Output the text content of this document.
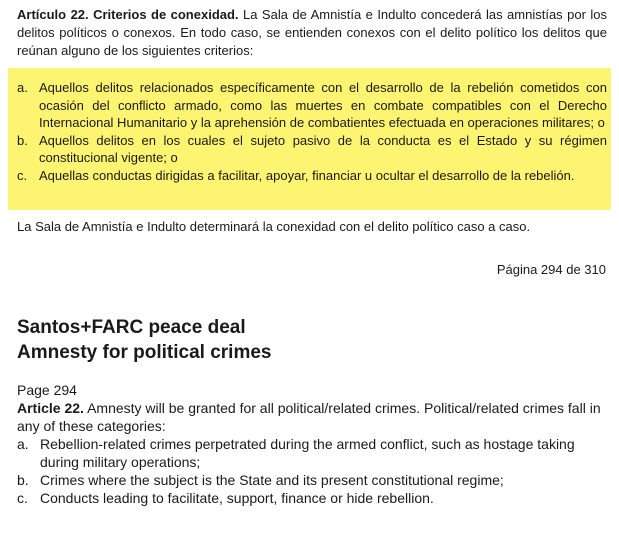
Artículo 22. Criterios de conexidad. La Sala de Amnistía e Indulto concederá las amnistías por los delitos políticos o conexos. En todo caso, se entienden conexos con el delito político los delitos que reúnan alguno de los siguientes criterios:
a. Aquellos delitos relacionados específicamente con el desarrollo de la rebelión cometidos con ocasión del conflicto armado, como las muertes en combate compatibles con el Derecho Internacional Humanitario y la aprehensión de combatientes efectuada en operaciones militares; o
b. Aquellos delitos en los cuales el sujeto pasivo de la conducta es el Estado y su régimen constitucional vigente; o
c. Aquellas conductas dirigidas a facilitar, apoyar, financiar u ocultar el desarrollo de la rebelión.
La Sala de Amnistía e Indulto determinará la conexidad con el delito político caso a caso.
Página 294 de 310
Santos+FARC peace deal
Amnesty for political crimes
Page 294
Article 22. Amnesty will be granted for all political/related crimes. Political/related crimes fall in any of these categories:
a. Rebellion-related crimes perpetrated during the armed conflict, such as hostage taking during military operations;
b. Crimes where the subject is the State and its present constitutional regime;
c. Conducts leading to facilitate, support, finance or hide rebellion.
